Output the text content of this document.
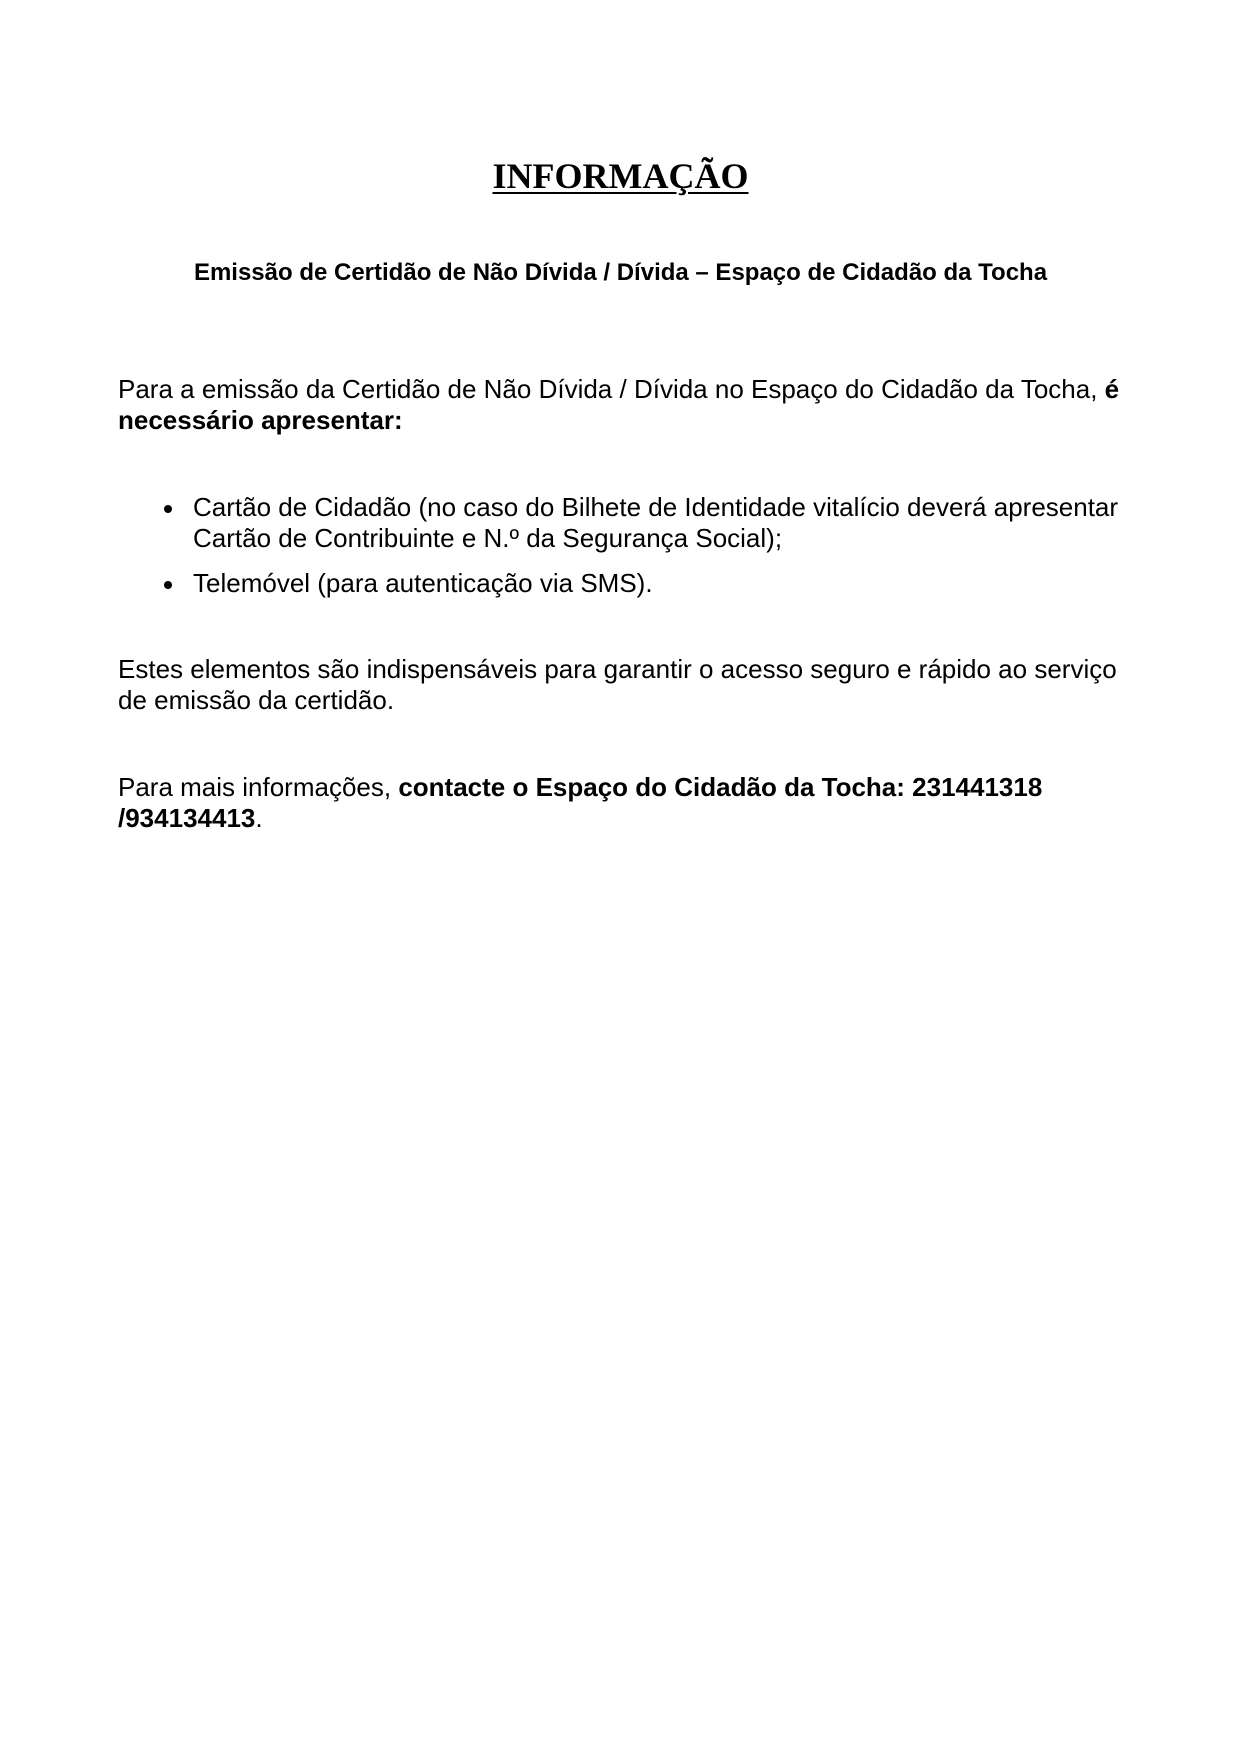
INFORMAÇÃO
Emissão de Certidão de Não Dívida / Dívida – Espaço de Cidadão da Tocha

Para a emissão da Certidão de Não Dívida / Dívida no Espaço do Cidadão da Tocha, é necessário apresentar:

Cartão de Cidadão (no caso do Bilhete de Identidade vitalício deverá apresentar Cartão de Contribuinte e N.º da Segurança Social);
Telemóvel (para autenticação via SMS).

Estes elementos são indispensáveis para garantir o acesso seguro e rápido ao serviço de emissão da certidão.

Para mais informações, contacte o Espaço do Cidadão da Tocha: 231441318 /934134413.
